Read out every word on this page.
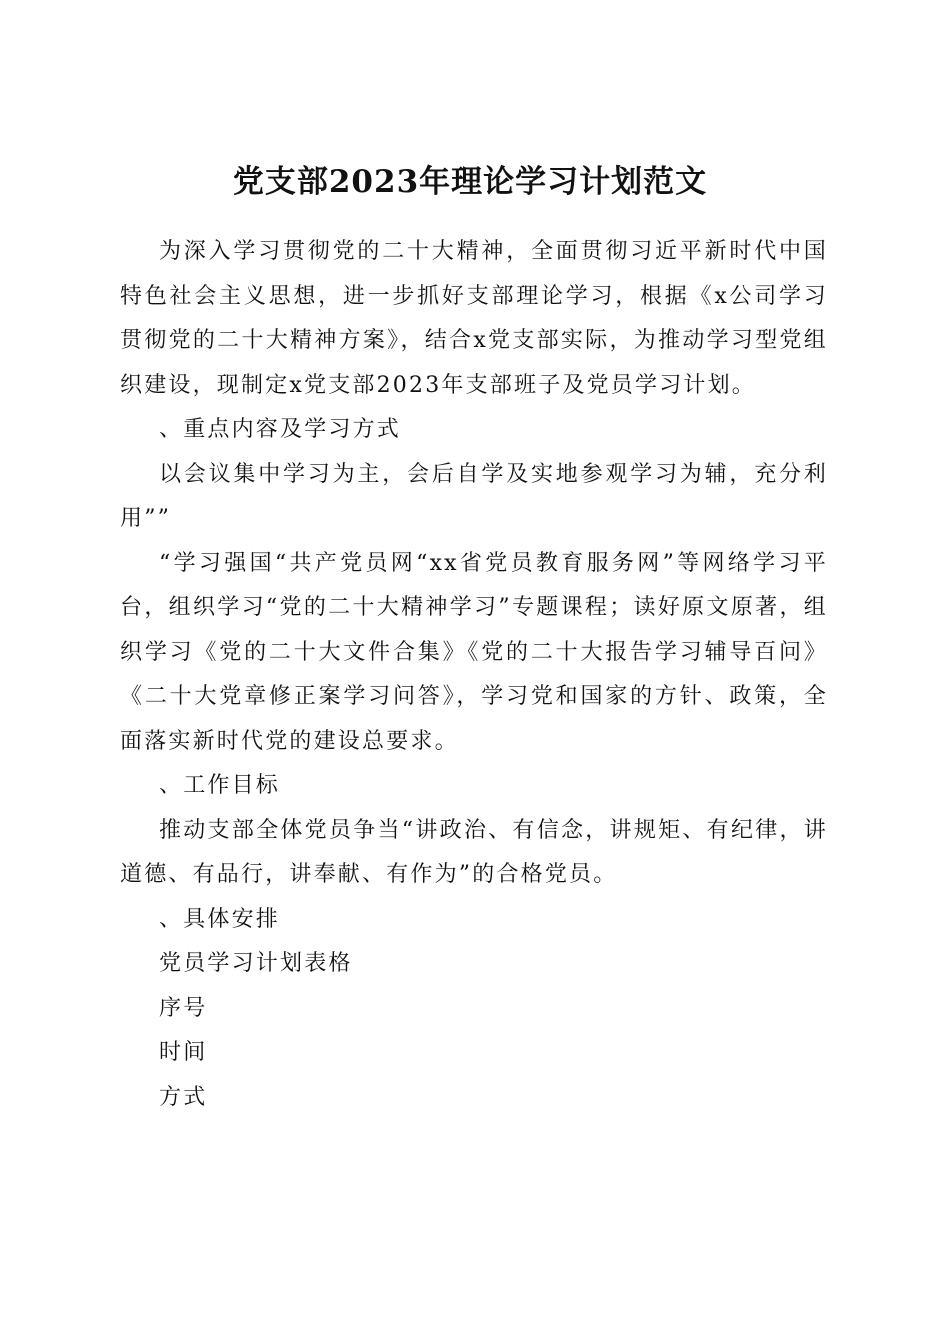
党支部2023年理论学习计划范文

为深入学习贯彻党的二十大精神，全面贯彻习近平新时代中国特色社会主义思想，进一步抓好支部理论学习，根据《x公司学习贯彻党的二十大精神方案》，结合x党支部实际，为推动学习型党组织建设，现制定x党支部2023年支部班子及党员学习计划。

、重点内容及学习方式

以会议集中学习为主，会后自学及实地参观学习为辅，充分利用””

“学习强国“共产党员网“xx省党员教育服务网”等网络学习平台，组织学习“党的二十大精神学习”专题课程；读好原文原著，组织学习《党的二十大文件合集》《党的二十大报告学习辅导百问》《二十大党章修正案学习问答》，学习党和国家的方针、政策，全面落实新时代党的建设总要求。

、工作目标

推动支部全体党员争当“讲政治、有信念，讲规矩、有纪律，讲道德、有品行，讲奉献、有作为”的合格党员。

、具体安排

党员学习计划表格

序号

时间

方式
